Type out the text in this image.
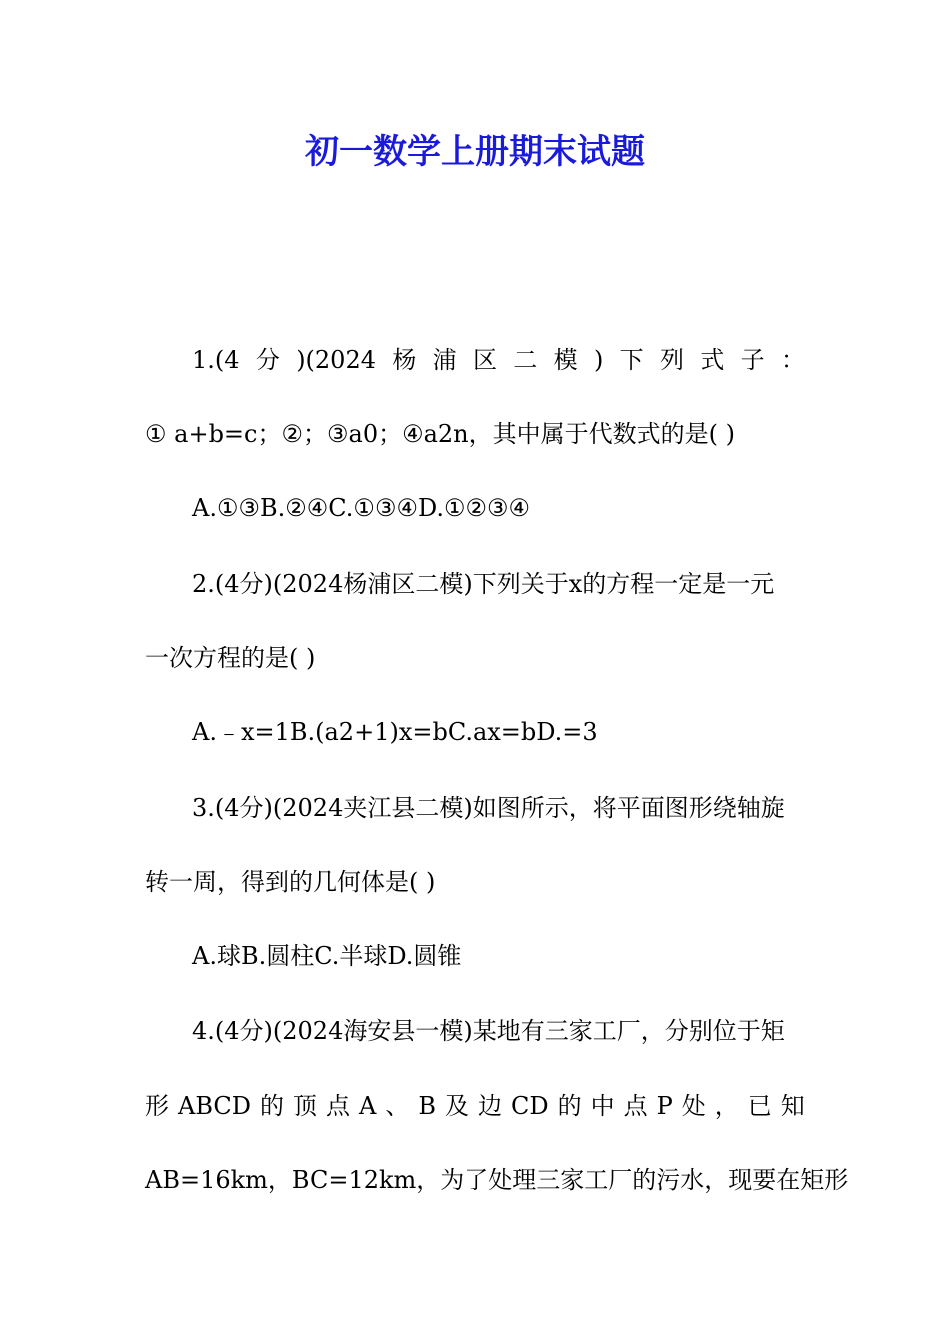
初一数学上册期末试题
1.(4 分 )(2024 杨 浦 区 二 模 ) 下 列 式 子 ：
① a+b=c；②；③a0；④a2n，其中属于代数式的是( )
A.①③B.②④C.①③④D.①②③④
2.(4分)(2024杨浦区二模)下列关于x的方程一定是一元
一次方程的是( )
A.﹣x=1B.(a2+1)x=bC.ax=bD.=3
3.(4分)(2024夹江县二模)如图所示，将平面图形绕轴旋
转一周，得到的几何体是( )
A.球B.圆柱C.半球D.圆锥
4.(4分)(2024海安县一模)某地有三家工厂，分别位于矩
形 ABCD 的 顶 点 A 、 B 及 边 CD 的 中 点 P 处 ， 已 知
AB=16km，BC=12km，为了处理三家工厂的污水，现要在矩形
